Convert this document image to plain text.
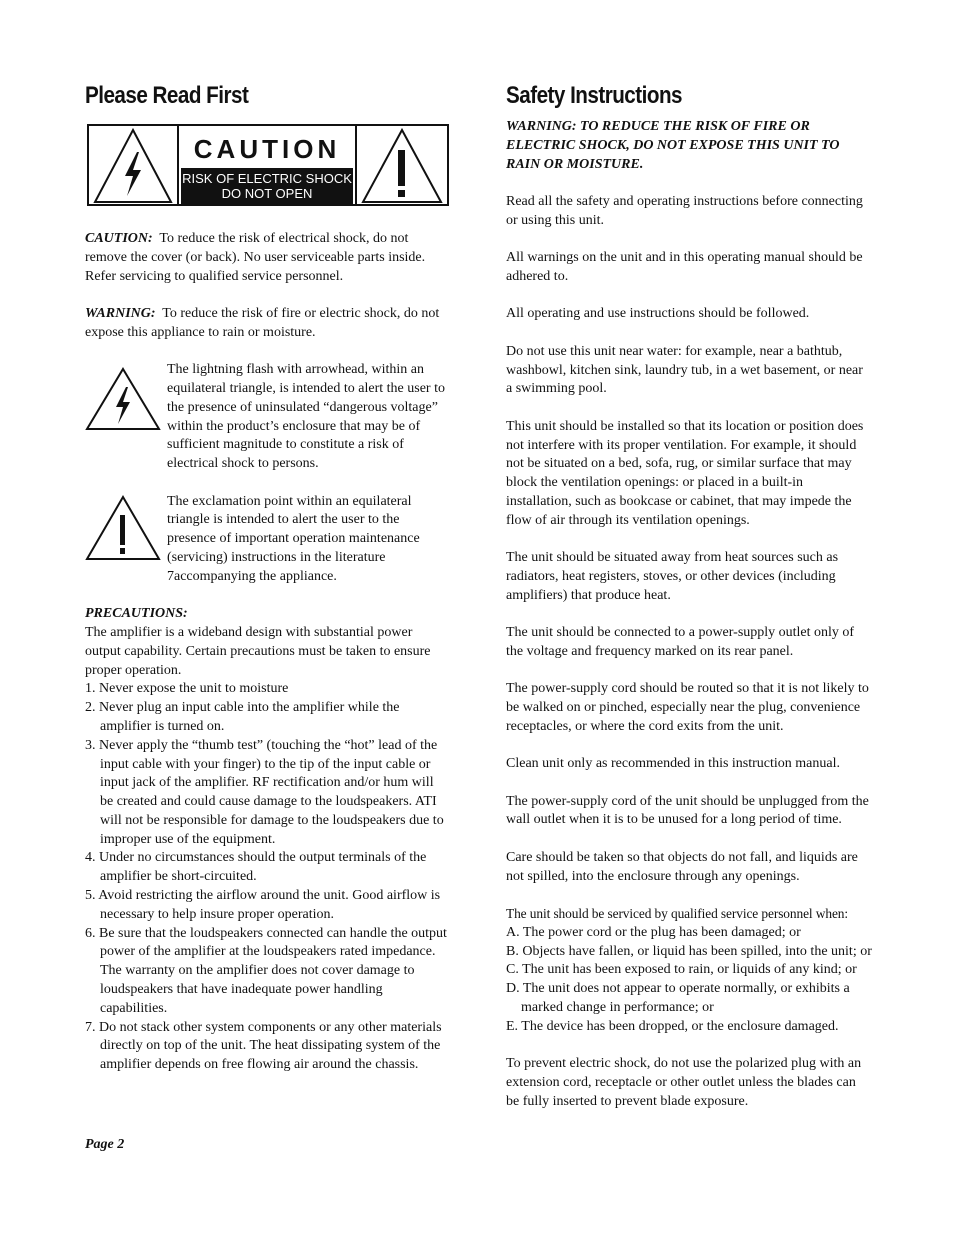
Please Read First
CAUTION
RISK OF ELECTRIC SHOCK
DO NOT OPEN

CAUTION: To reduce the risk of electrical shock, do not remove the cover (or back). No user serviceable parts inside. Refer servicing to qualified service personnel.

WARNING: To reduce the risk of fire or electric shock, do not expose this appliance to rain or moisture.

The lightning flash with arrowhead, within an equilateral triangle, is intended to alert the user to the presence of uninsulated “dangerous voltage” within the product’s enclosure that may be of sufficient magnitude to constitute a risk of electrical shock to persons.
The exclamation point within an equilateral triangle is intended to alert the user to the presence of important operation maintenance (servicing) instructions in the literature 7accompanying the appliance.
PRECAUTIONS:
The amplifier is a wideband design with substantial power output capability. Certain precautions must be taken to ensure proper operation.
1. Never expose the unit to moisture
2. Never plug an input cable into the amplifier while the amplifier is turned on.
3. Never apply the “thumb test” (touching the “hot” lead of the input cable with your finger) to the tip of the input cable or input jack of the amplifier. RF rectification and/or hum will be created and could cause damage to the loudspeakers. ATI will not be responsible for damage to the loudspeakers due to improper use of the equipment.
4. Under no circumstances should the output terminals of the amplifier be short-circuited.
5. Avoid restricting the airflow around the unit. Good airflow is necessary to help insure proper operation.
6. Be sure that the loudspeakers connected can handle the output power of the amplifier at the loudspeakers rated impedance. The warranty on the amplifier does not cover damage to loudspeakers that have inadequate power handling capabilities.
7. Do not stack other system components or any other materials directly on top of the unit. The heat dissipating system of the amplifier depends on free flowing air around the chassis.
Page 2
Safety Instructions

WARNING: TO REDUCE THE RISK OF FIRE OR ELECTRIC SHOCK, DO NOT EXPOSE THIS UNIT TO RAIN OR MOISTURE.

Read all the safety and operating instructions before connecting or using this unit.

All warnings on the unit and in this operating manual should be adhered to.

All operating and use instructions should be followed.

Do not use this unit near water: for example, near a bathtub, washbowl, kitchen sink, laundry tub, in a wet basement, or near a swimming pool.

This unit should be installed so that its location or position does not interfere with its proper ventilation. For example, it should not be situated on a bed, sofa, rug, or similar surface that may block the ventilation openings: or placed in a built-in installation, such as bookcase or cabinet, that may impede the flow of air through its ventilation openings.

The unit should be situated away from heat sources such as radiators, heat registers, stoves, or other devices (including amplifiers) that produce heat.

The unit should be connected to a power-supply outlet only of the voltage and frequency marked on its rear panel.

The power-supply cord should be routed so that it is not likely to be walked on or pinched, especially near the plug, convenience receptacles, or where the cord exits from the unit.

Clean unit only as recommended in this instruction manual.

The power-supply cord of the unit should be unplugged from the wall outlet when it is to be unused for a long period of time.

Care should be taken so that objects do not fall, and liquids are not spilled, into the enclosure through any openings.

The unit should be serviced by qualified service personnel when:
A. The power cord or the plug has been damaged; or
B. Objects have fallen, or liquid has been spilled, into the unit; or
C. The unit has been exposed to rain, or liquids of any kind; or
D. The unit does not appear to operate normally, or exhibits a marked change in performance; or
E. The device has been dropped, or the enclosure damaged.

To prevent electric shock, do not use the polarized plug with an extension cord, receptacle or other outlet unless the blades can be fully inserted to prevent blade exposure.
